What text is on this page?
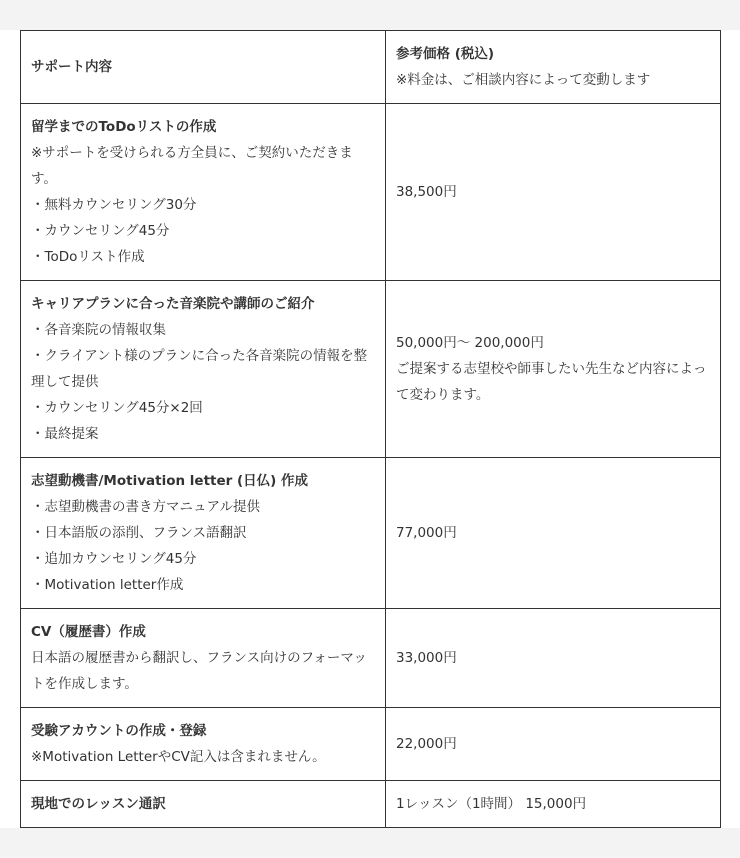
サポート内容	参考価格 (税込)
※料金は、ご相談内容によって変動します

留学までのToDoリストの作成
※サポートを受けられる方全員に、ご契約いただきます。
・無料カウンセリング30分
・カウンセリング45分
・ToDoリスト作成	38,500円

キャリアプランに合った音楽院や講師のご紹介
・各音楽院の情報収集
・クライアント様のプランに合った各音楽院の情報を整理して提供
・カウンセリング45分×2回
・最終提案	50,000円〜 200,000円
ご提案する志望校や師事したい先生など内容によって変わります。

志望動機書/Motivation letter (日仏) 作成
・志望動機書の書き方マニュアル提供
・日本語版の添削、フランス語翻訳
・追加カウンセリング45分
・Motivation letter作成	77,000円

CV（履歴書）作成
日本語の履歴書から翻訳し、フランス向けのフォーマットを作成します。	33,000円

受験アカウントの作成・登録
※Motivation LetterやCV記入は含まれません。	22,000円

現地でのレッスン通訳	1レッスン（1時間） 15,000円
